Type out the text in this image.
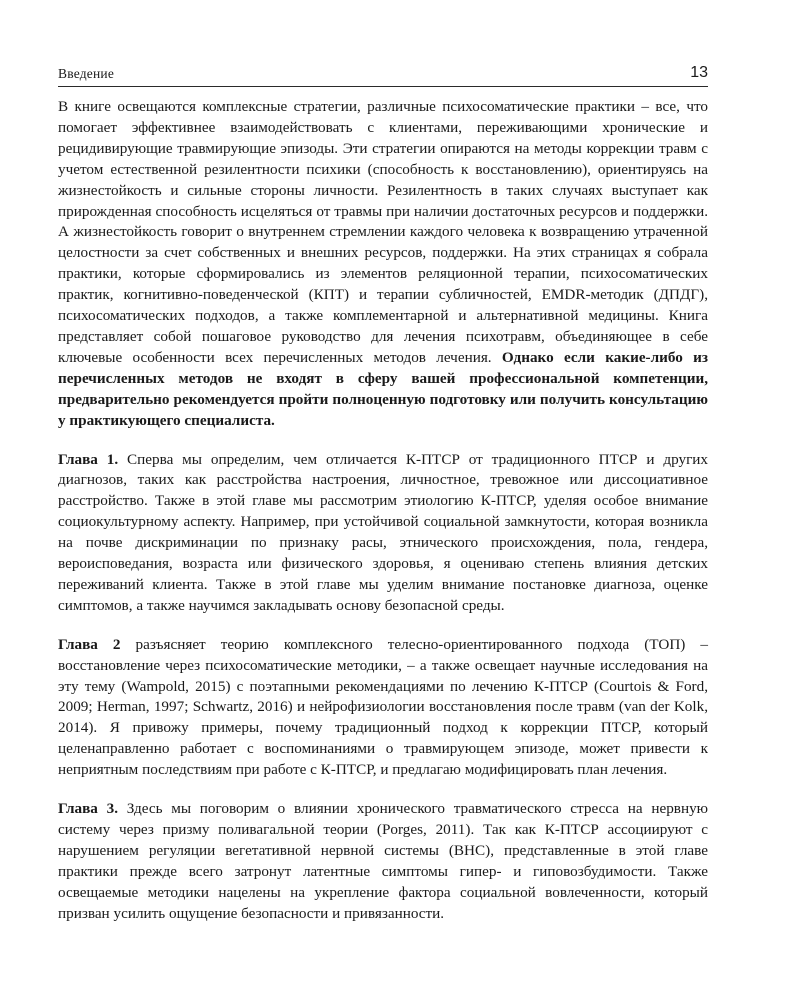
Введение	13

В книге освещаются комплексные стратегии, различные психосоматические практики – все, что помогает эффективнее взаимодействовать с клиентами, переживающими хронические и рецидивирующие травмирующие эпизоды. Эти стратегии опираются на методы коррекции травм с учетом естественной резилентности психики (способность к восстановлению), ориентируясь на жизнестойкость и сильные стороны личности. Резилентность в таких случаях выступает как прирожденная способность исцеляться от травмы при наличии достаточных ресурсов и поддержки. А жизнестойкость говорит о внутреннем стремлении каждого человека к возвращению утраченной целостности за счет собственных и внешних ресурсов, поддержки. На этих страницах я собрала практики, которые сформировались из элементов реляционной терапии, психосоматических практик, когнитивно-поведенческой (КПТ) и терапии субличностей, EMDR-методик (ДПДГ), психосоматических подходов, а также комплементарной и альтернативной медицины. Книга представляет собой пошаговое руководство для лечения психотравм, объединяющее в себе ключевые особенности всех перечисленных методов лечения. Однако если какие-либо из перечисленных методов не входят в сферу вашей профессиональной компетенции, предварительно рекомендуется пройти полноценную подготовку или получить консультацию у практикующего специалиста.

Глава 1. Сперва мы определим, чем отличается К-ПТСР от традиционного ПТСР и других диагнозов, таких как расстройства настроения, личностное, тревожное или диссоциативное расстройство. Также в этой главе мы рассмотрим этиологию К-ПТСР, уделяя особое внимание социокультурному аспекту. Например, при устойчивой социальной замкнутости, которая возникла на почве дискриминации по признаку расы, этнического происхождения, пола, гендера, вероисповедания, возраста или физического здоровья, я оцениваю степень влияния детских переживаний клиента. Также в этой главе мы уделим внимание постановке диагноза, оценке симптомов, а также научимся закладывать основу безопасной среды.

Глава 2 разъясняет теорию комплексного телесно-ориентированного подхода (ТОП) – восстановление через психосоматические методики, – а также освещает научные исследования на эту тему (Wampold, 2015) с поэтапными рекомендациями по лечению К-ПТСР (Courtois & Ford, 2009; Herman, 1997; Schwartz, 2016) и нейрофизиологии восстановления после травм (van der Kolk, 2014). Я привожу примеры, почему традиционный подход к коррекции ПТСР, который целенаправленно работает с воспоминаниями о травмирующем эпизоде, может привести к неприятным последствиям при работе с К-ПТСР, и предлагаю модифицировать план лечения.

Глава 3. Здесь мы поговорим о влиянии хронического травматического стресса на нервную систему через призму поливагальной теории (Porges, 2011). Так как К-ПТСР ассоциируют с нарушением регуляции вегетативной нервной системы (ВНС), представленные в этой главе практики прежде всего затронут латентные симптомы гипер- и гиповозбудимости. Также освещаемые методики нацелены на укрепление фактора социальной вовлеченности, который призван усилить ощущение безопасности и привязанности.
